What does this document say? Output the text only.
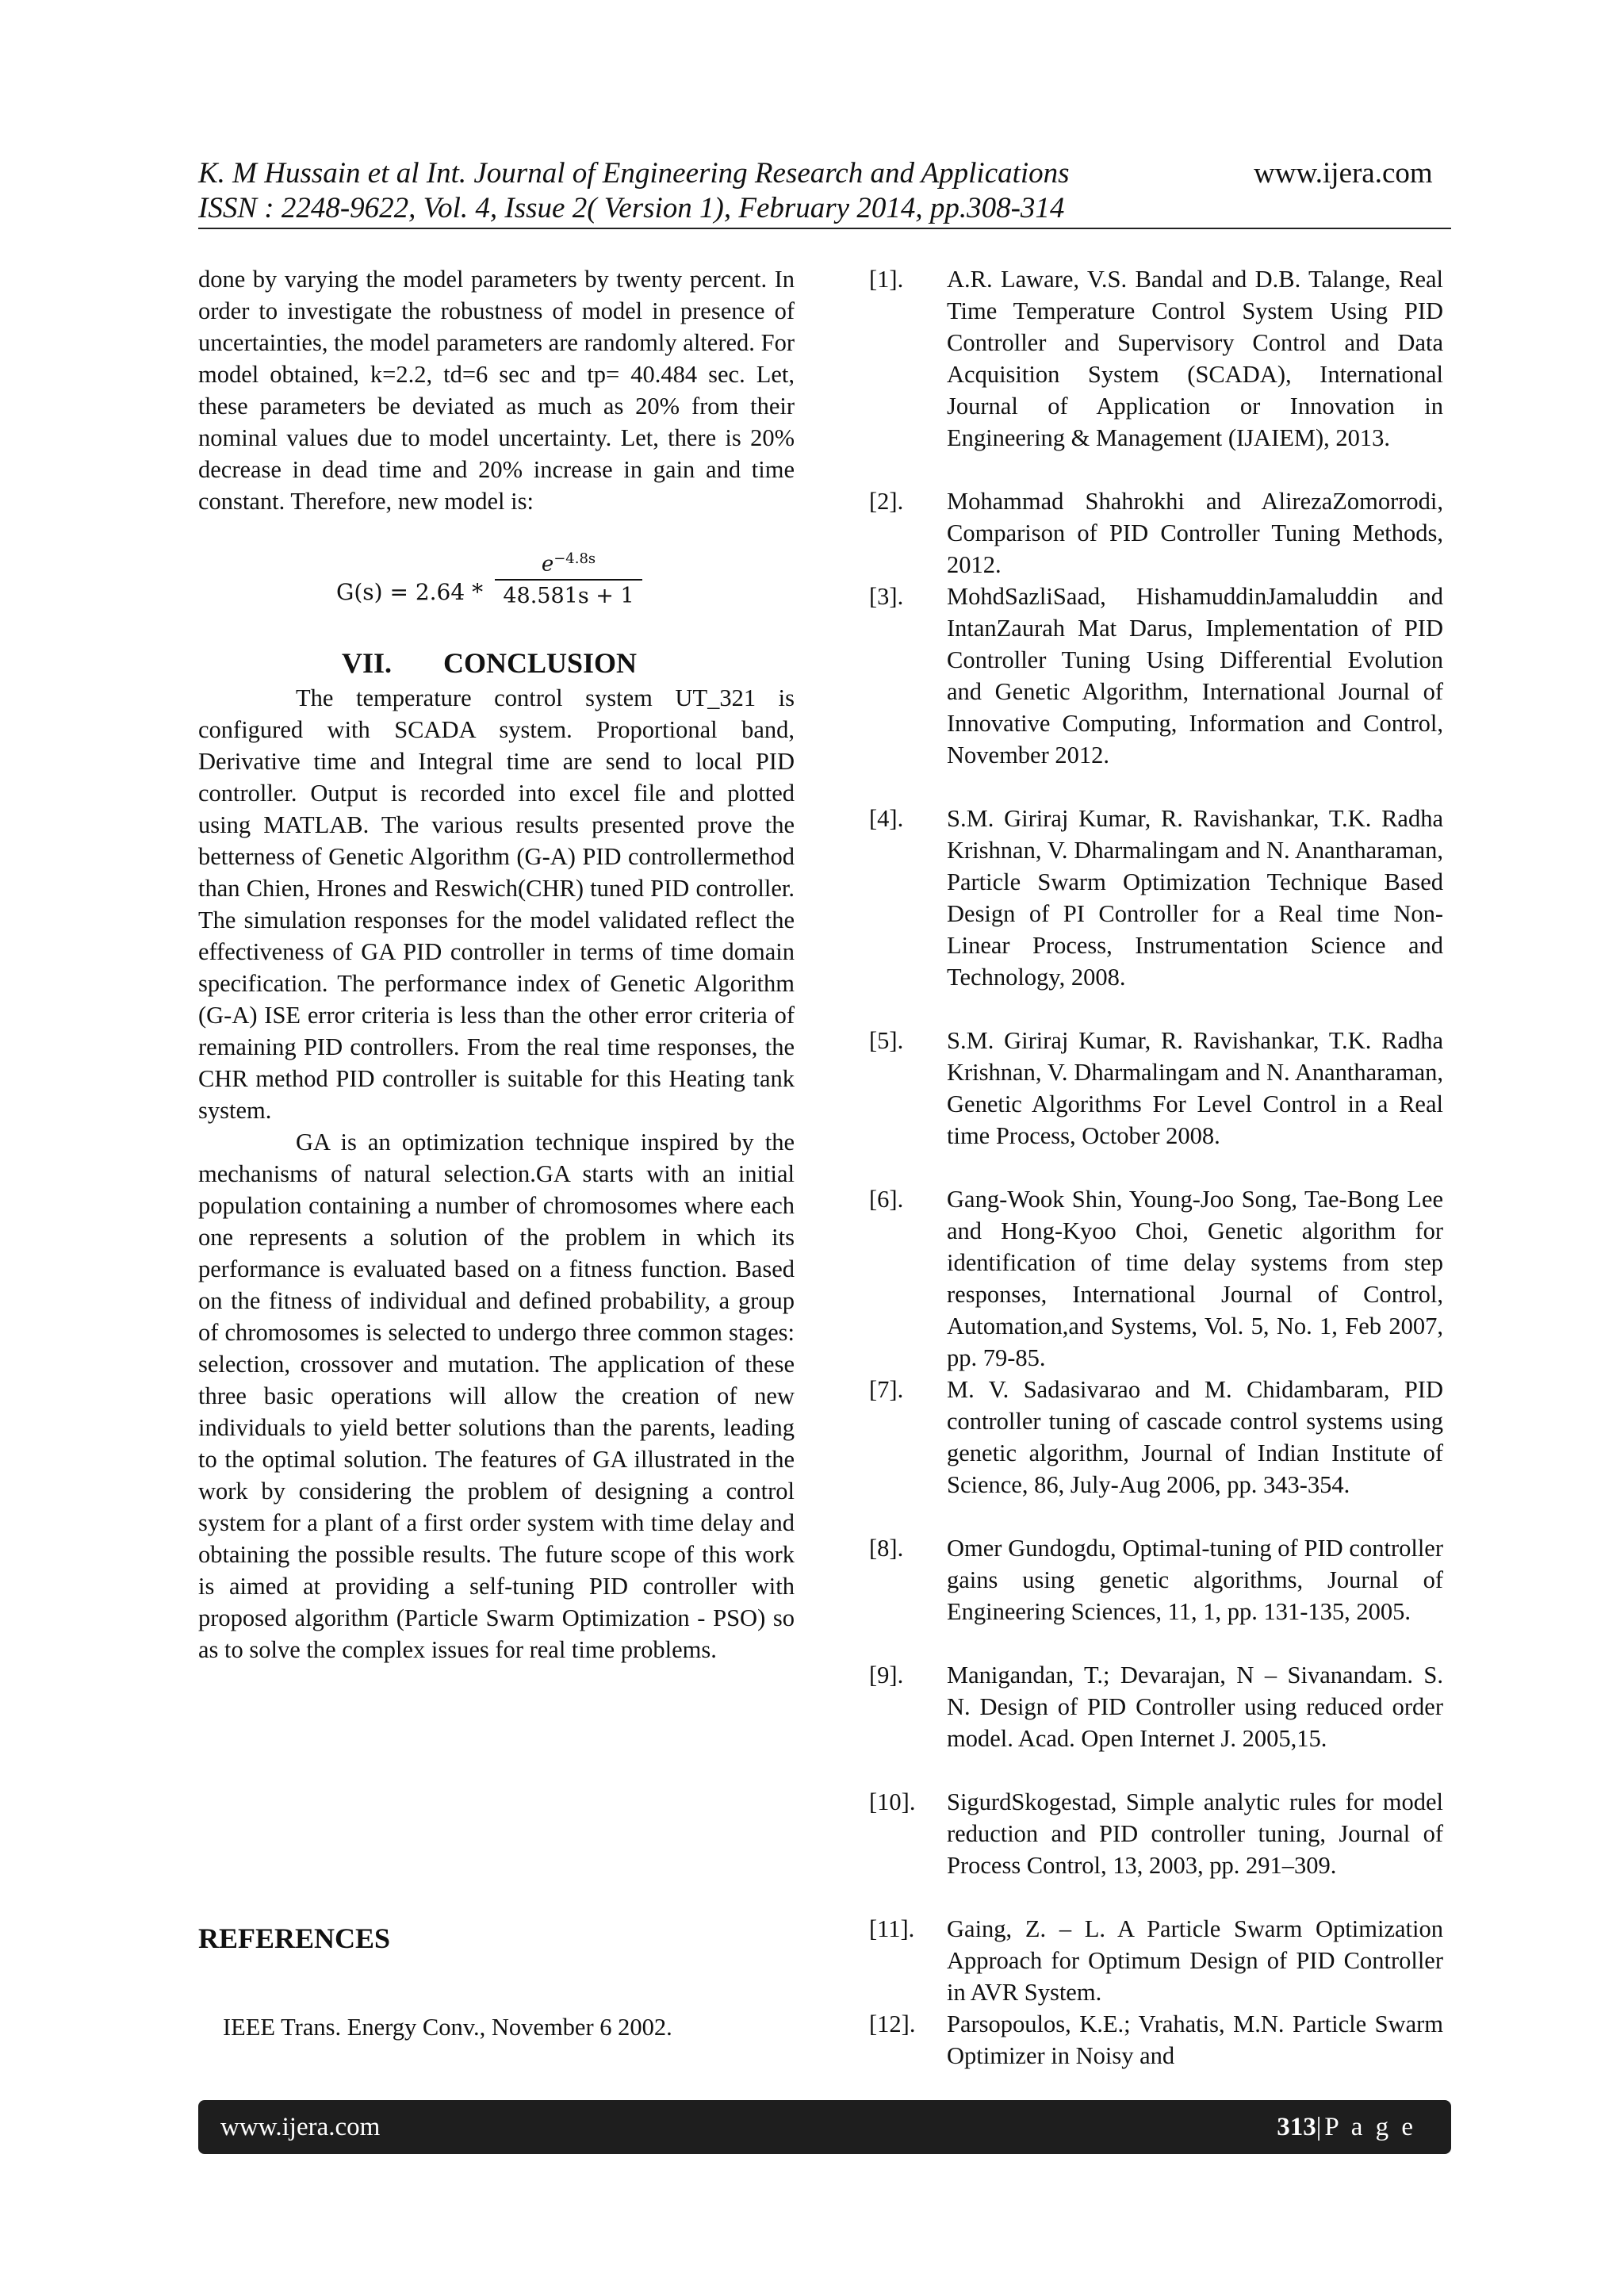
K. M Hussain et al Int. Journal of Engineering Research and Applications
ISSN : 2248-9622, Vol. 4, Issue 2( Version 1), February 2014, pp.308-314
www.ijera.com

done by varying the model parameters by twenty percent. In order to investigate the robustness of model in presence of uncertainties, the model parameters are randomly altered. For model obtained, k=2.2, td=6 sec and tp= 40.484 sec. Let, these parameters be deviated as much as 20% from their nominal values due to model uncertainty. Let, there is 20% decrease in dead time and 20% increase in gain and time constant. Therefore, new model is:

G(s) = 2.64 *
$e^{-4.8s}$
48.581s + 1
VII. CONCLUSION

The temperature control system UT_321 is configured with SCADA system. Proportional band, Derivative time and Integral time are send to local PID controller. Output is recorded into excel file and plotted using MATLAB. The various results presented prove the betterness of Genetic Algorithm (G-A) PID controllermethod than Chien, Hrones and Reswich(CHR) tuned PID controller. The simulation responses for the model validated reflect the effectiveness of GA PID controller in terms of time domain specification. The performance index of Genetic Algorithm (G-A) ISE error criteria is less than the other error criteria of remaining PID controllers. From the real time responses, the CHR method PID controller is suitable for this Heating tank system.

GA is an optimization technique inspired by the mechanisms of natural selection.GA starts with an initial population containing a number of chromosomes where each one represents a solution of the problem in which its performance is evaluated based on a fitness function. Based on the fitness of individual and defined probability, a group of chromosomes is selected to undergo three common stages: selection, crossover and mutation. The application of these three basic operations will allow the creation of new individuals to yield better solutions than the parents, leading to the optimal solution. The features of GA illustrated in the work by considering the problem of designing a control system for a plant of a first order system with time delay and obtaining the possible results. The future scope of this work is aimed at providing a self-tuning PID controller with proposed algorithm (Particle Swarm Optimization - PSO) so as to solve the complex issues for real time problems.

REFERENCES
IEEE Trans. Energy Conv., November 6 2002.
[1]. A.R. Laware, V.S. Bandal and D.B. Talange, Real Time Temperature Control System Using PID Controller and Supervisory Control and Data Acquisition System (SCADA), International Journal of Application or Innovation in Engineering & Management (IJAIEM), 2013.
[2]. Mohammad Shahrokhi and AlirezaZomorrodi, Comparison of PID Controller Tuning Methods, 2012.
[3]. MohdSazliSaad, HishamuddinJamaluddin and IntanZaurah Mat Darus, Implementation of PID Controller Tuning Using Differential Evolution and Genetic Algorithm, International Journal of Innovative Computing, Information and Control, November 2012.
[4]. S.M. Giriraj Kumar, R. Ravishankar, T.K. Radha Krishnan, V. Dharmalingam and N. Anantharaman, Particle Swarm Optimization Technique Based Design of PI Controller for a Real time Non- Linear Process, Instrumentation Science and Technology, 2008.
[5]. S.M. Giriraj Kumar, R. Ravishankar, T.K. Radha Krishnan, V. Dharmalingam and N. Anantharaman, Genetic Algorithms For Level Control in a Real time Process, October 2008.
[6]. Gang-Wook Shin, Young-Joo Song, Tae-Bong Lee and Hong-Kyoo Choi, Genetic algorithm for identification of time delay systems from step responses, International Journal of Control, Automation,and Systems, Vol. 5, No. 1, Feb 2007, pp. 79-85.
[7]. M. V. Sadasivarao and M. Chidambaram, PID controller tuning of cascade control systems using genetic algorithm, Journal of Indian Institute of Science, 86, July-Aug 2006, pp. 343-354.
[8]. Omer Gundogdu, Optimal-tuning of PID controller gains using genetic algorithms, Journal of Engineering Sciences, 11, 1, pp. 131-135, 2005.
[9]. Manigandan, T.; Devarajan, N – Sivanandam. S. N. Design of PID Controller using reduced order model. Acad. Open Internet J. 2005,15.
[10]. SigurdSkogestad, Simple analytic rules for model reduction and PID controller tuning, Journal of Process Control, 13, 2003, pp. 291–309.
[11]. Gaing, Z. – L. A Particle Swarm Optimization Approach for Optimum Design of PID Controller in AVR System.
[12]. Parsopoulos, K.E.; Vrahatis, M.N. Particle Swarm Optimizer in Noisy and
www.ijera.com	313|P a g e
